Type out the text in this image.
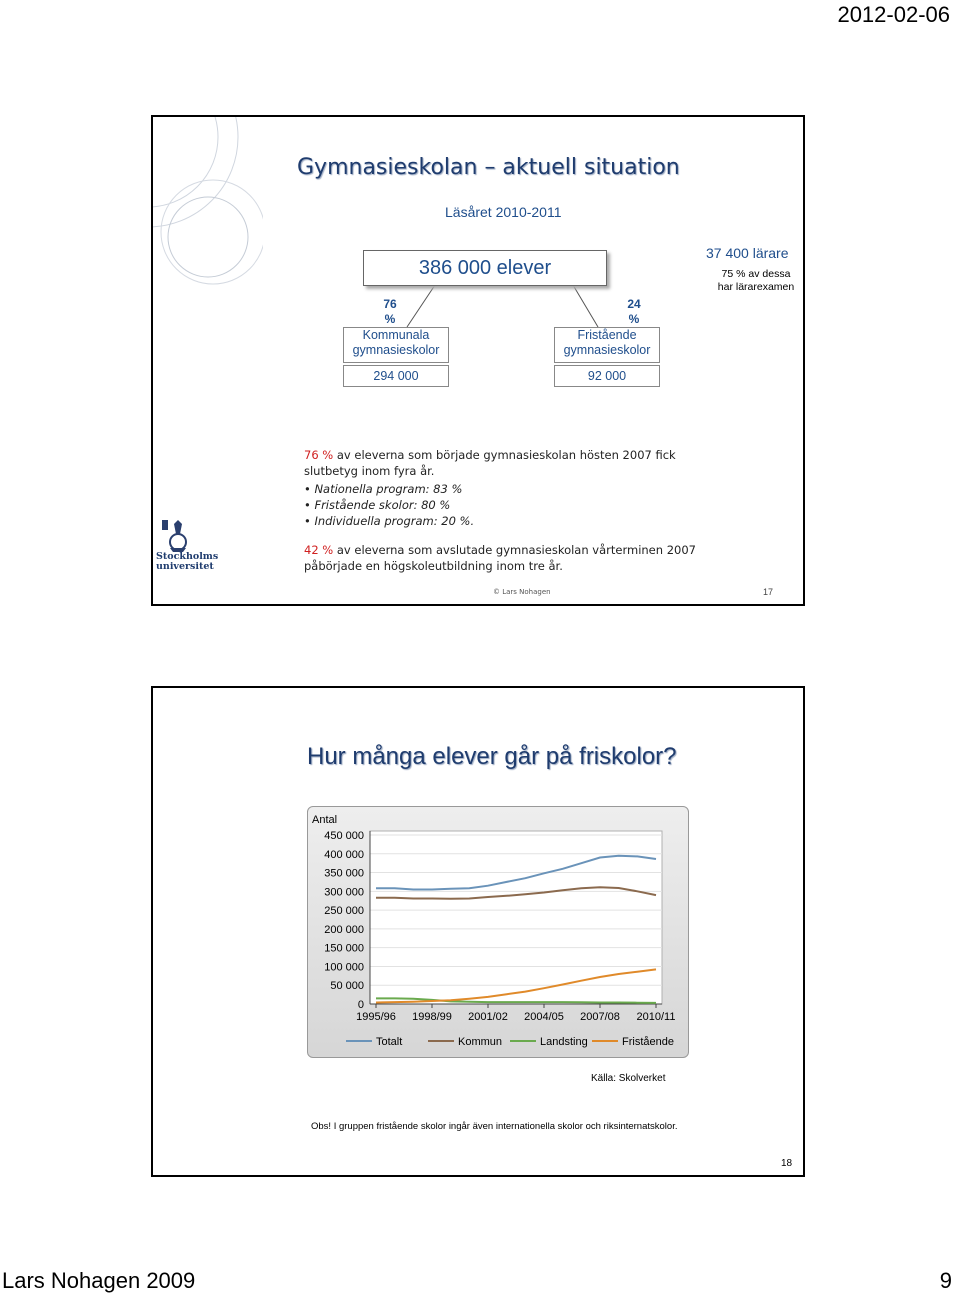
2012-02-06
Gymnasieskolan – aktuell situation
Läsåret 2010-2011
386 000 elever
76
%
24
%
Kommunala
gymnasieskolor
294 000
Fristående
gymnasieskolor
92 000
37 400 lärare
75 % av dessa
har lärarexamen
76 % av eleverna som började gymnasieskolan hösten 2007 fick slutbetyg inom fyra år.
• Nationella program: 83 %
• Fristående skolor: 80 %
• Individuella program: 20 %.
42 % av eleverna som avslutade gymnasieskolan vårterminen 2007 påbörjade en högskoleutbildning inom tre år.
Stockholms
universitet
© Lars Nohagen	17
Hur många elever går på friskolor?
450 000
400 000
350 000
300 000
250 000
200 000
150 000
100 000
50 000
0
Antal
1995/96 1998/99 2001/02 2004/05 2007/08 2010/11
Totalt	Kommun	Landsting	Fristående
Källa: Skolverket
Obs! I gruppen fristående skolor ingår även internationella skolor och riksinternatskolor.
18
Lars Nohagen 2009	9
